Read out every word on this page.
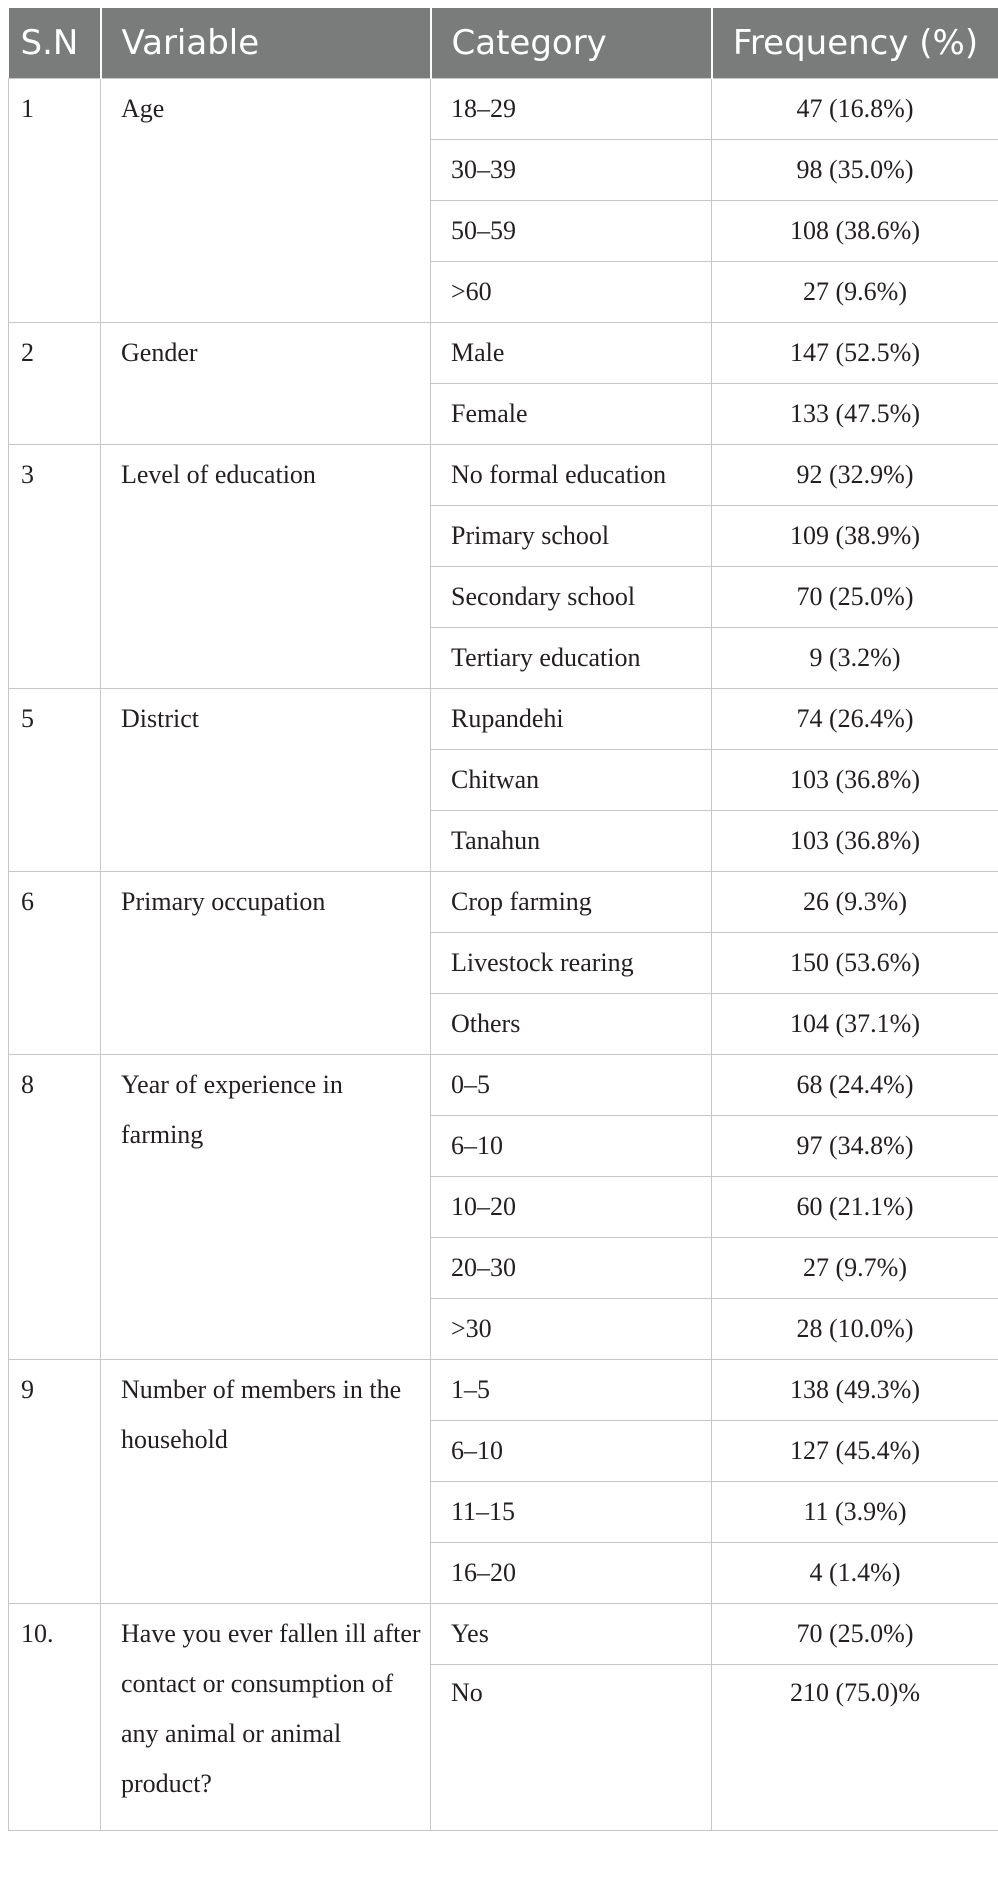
S.N	Variable	Category	Frequency (%)
1	Age	18–29	47 (16.8%)
		30–39	98 (35.0%)
		50–59	108 (38.6%)
		>60	27 (9.6%)
2	Gender	Male	147 (52.5%)
		Female	133 (47.5%)
3	Level of education	No formal education	92 (32.9%)
		Primary school	109 (38.9%)
		Secondary school	70 (25.0%)
		Tertiary education	9 (3.2%)
5	District	Rupandehi	74 (26.4%)
		Chitwan	103 (36.8%)
		Tanahun	103 (36.8%)
6	Primary occupation	Crop farming	26 (9.3%)
		Livestock rearing	150 (53.6%)
		Others	104 (37.1%)
8	Year of experience in farming	0–5	68 (24.4%)
		6–10	97 (34.8%)
		10–20	60 (21.1%)
		20–30	27 (9.7%)
		>30	28 (10.0%)
9	Number of members in the household	1–5	138 (49.3%)
		6–10	127 (45.4%)
		11–15	11 (3.9%)
		16–20	4 (1.4%)
10.	Have you ever fallen ill after contact or consumption of any animal or animal product?	Yes	70 (25.0%)
		No	210 (75.0)%
